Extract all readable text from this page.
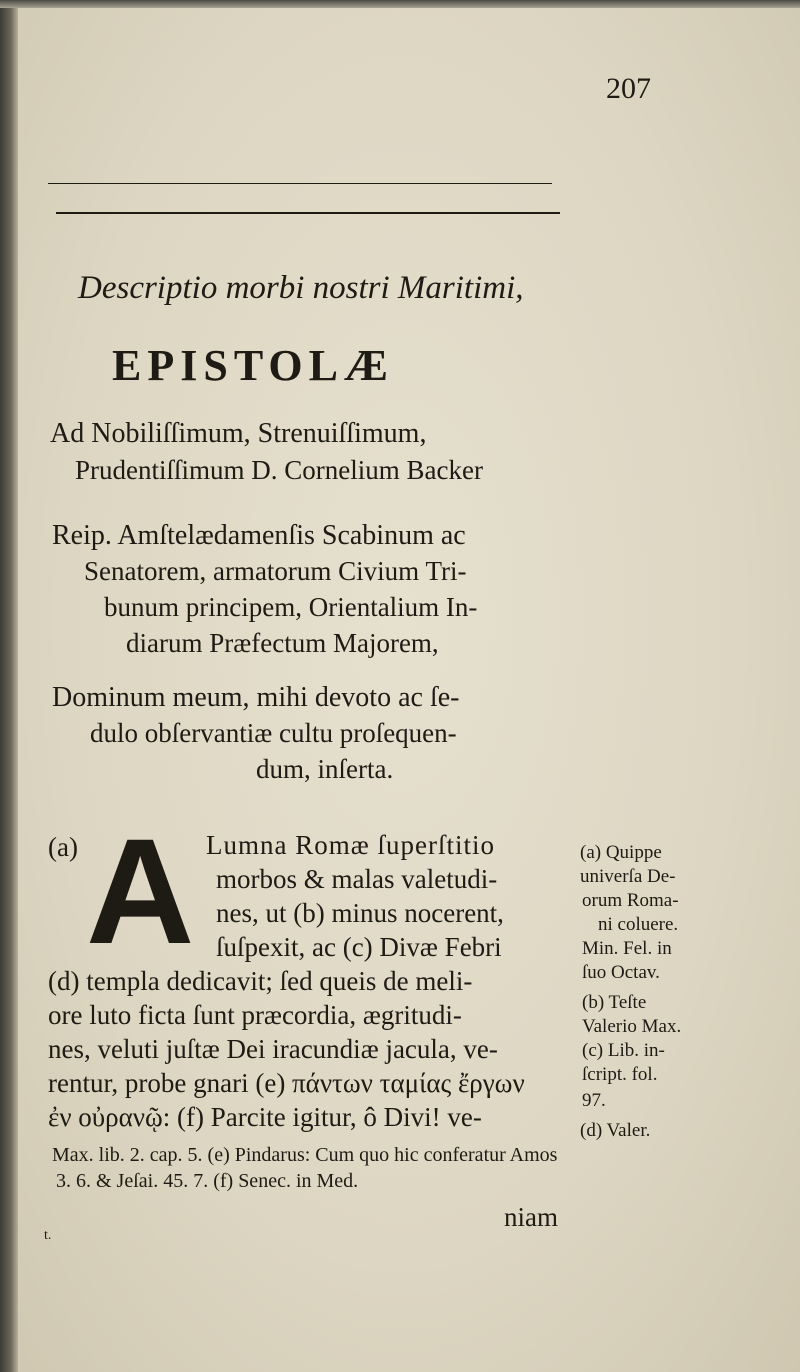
207
Descriptio morbi nostri Maritimi,
EPISTOLÆ
Ad Nobiliſſimum, Strenuiſſimum,
Prudentiſſimum D. Cornelium Backer
Reip. Amſtelædamenſis Scabinum ac
Senatorem, armatorum Civium Tri-
bunum principem, Orientalium In-
diarum Præfectum Majorem,
Dominum meum, mihi devoto ac ſe-
dulo obſervantiæ cultu proſequen-
dum, inſerta.
(a) A Lumna Romæ ſuperſtitio
morbos & malas valetudi-
nes, ut (b) minus nocerent,
ſuſpexit, ac (c) Divæ Febri
(d) templa dedicavit; ſed queis de meli-
ore luto ficta ſunt præcordia, ægritudi-
nes, veluti juſtæ Dei iracundiæ jacula, ve-
rentur, probe gnari (e) πάντων ταμίας ἔργων
ἐν οὐρανῷ: (f) Parcite igitur, ô Divi! ve-
(a) Quippe
univerſa De-
orum Roma-
ni coluere.
Min. Fel. in
ſuo Octav.
(b) Teſte
Valerio Max.
(c) Lib. in-
ſcript. fol.
97.
(d) Valer.
Max. lib. 2. cap. 5. (e) Pindarus: Cum quo hic conferatur Amos
3. 6. & Jeſai. 45. 7. (f) Senec. in Med.
niam
t.
